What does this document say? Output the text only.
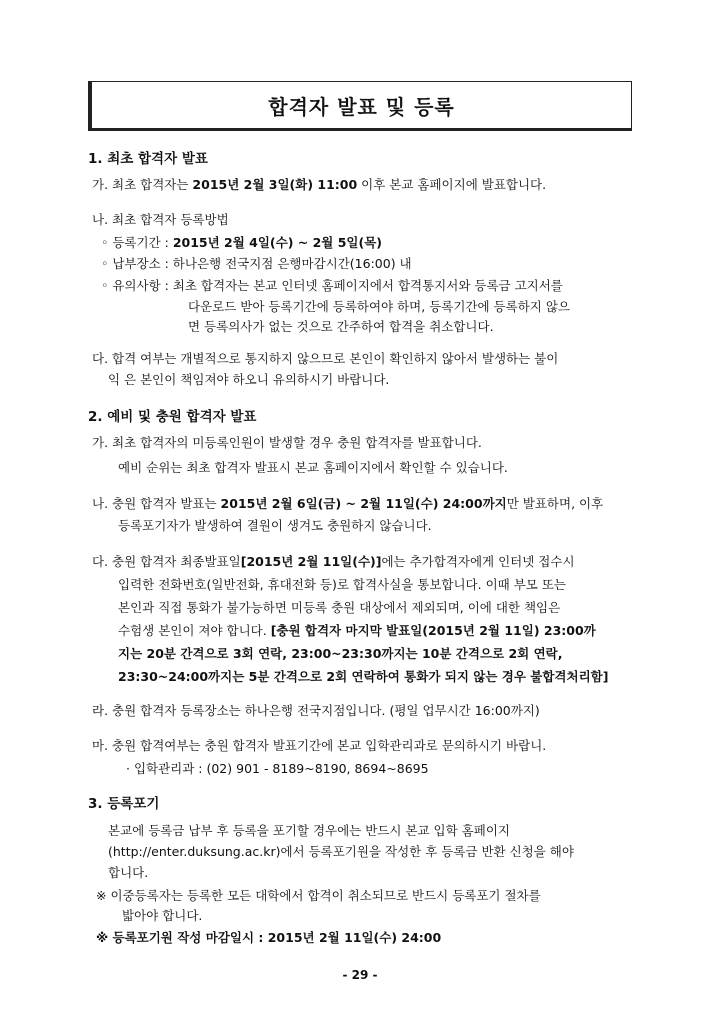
합격자 발표 및 등록
1. 최초 합격자 발표
가. 최초 합격자는 2015년 2월 3일(화) 11:00 이후 본교 홈페이지에 발표합니다.
나. 최초 합격자 등록방법
◦ 등록기간 : 2015년 2월 4일(수) ~ 2월 5일(목)
◦ 납부장소 : 하나은행 전국지점 은행마감시간(16:00) 내
◦ 유의사항 : 최초 합격자는 본교 인터넷 홈페이지에서 합격통지서와 등록금 고지서를
다운로드 받아 등록기간에 등록하여야 하며, 등록기간에 등록하지 않으
면 등록의사가 없는 것으로 간주하여 합격을 취소합니다.
다. 합격 여부는 개별적으로 통지하지 않으므로 본인이 확인하지 않아서 발생하는 불이
익 은 본인이 책임져야 하오니 유의하시기 바랍니다.
2. 예비 및 충원 합격자 발표
가. 최초 합격자의 미등록인원이 발생할 경우 충원 합격자를 발표합니다.
예비 순위는 최초 합격자 발표시 본교 홈페이지에서 확인할 수 있습니다.
나. 충원 합격자 발표는 2015년 2월 6일(금) ~ 2월 11일(수) 24:00까지만 발표하며, 이후
등록포기자가 발생하여 결원이 생겨도 충원하지 않습니다.
다. 충원 합격자 최종발표일[2015년 2월 11일(수)]에는 추가합격자에게 인터넷 접수시
입력한 전화번호(일반전화, 휴대전화 등)로 합격사실을 통보합니다. 이때 부모 또는
본인과 직접 통화가 불가능하면 미등록 충원 대상에서 제외되며, 이에 대한 책임은
수험생 본인이 져야 합니다. [충원 합격자 마지막 발표일(2015년 2월 11일) 23:00까
지는 20분 간격으로 3회 연락, 23:00~23:30까지는 10분 간격으로 2회 연락,
23:30~24:00까지는 5분 간격으로 2회 연락하여 통화가 되지 않는 경우 불합격처리함]
라. 충원 합격자 등록장소는 하나은행 전국지점입니다. (평일 업무시간 16:00까지)
마. 충원 합격여부는 충원 합격자 발표기간에 본교 입학관리과로 문의하시기 바랍니.
· 입학관리과 : (02) 901 - 8189~8190, 8694~8695
3. 등록포기
본교에 등록금 납부 후 등록을 포기할 경우에는 반드시 본교 입학 홈페이지
(http://enter.duksung.ac.kr)에서 등록포기원을 작성한 후 등록금 반환 신청을 해야
합니다.
※ 이중등록자는 등록한 모든 대학에서 합격이 취소되므로 반드시 등록포기 절차를
밟아야 합니다.
※ 등록포기원 작성 마감일시 : 2015년 2월 11일(수) 24:00
- 29 -
